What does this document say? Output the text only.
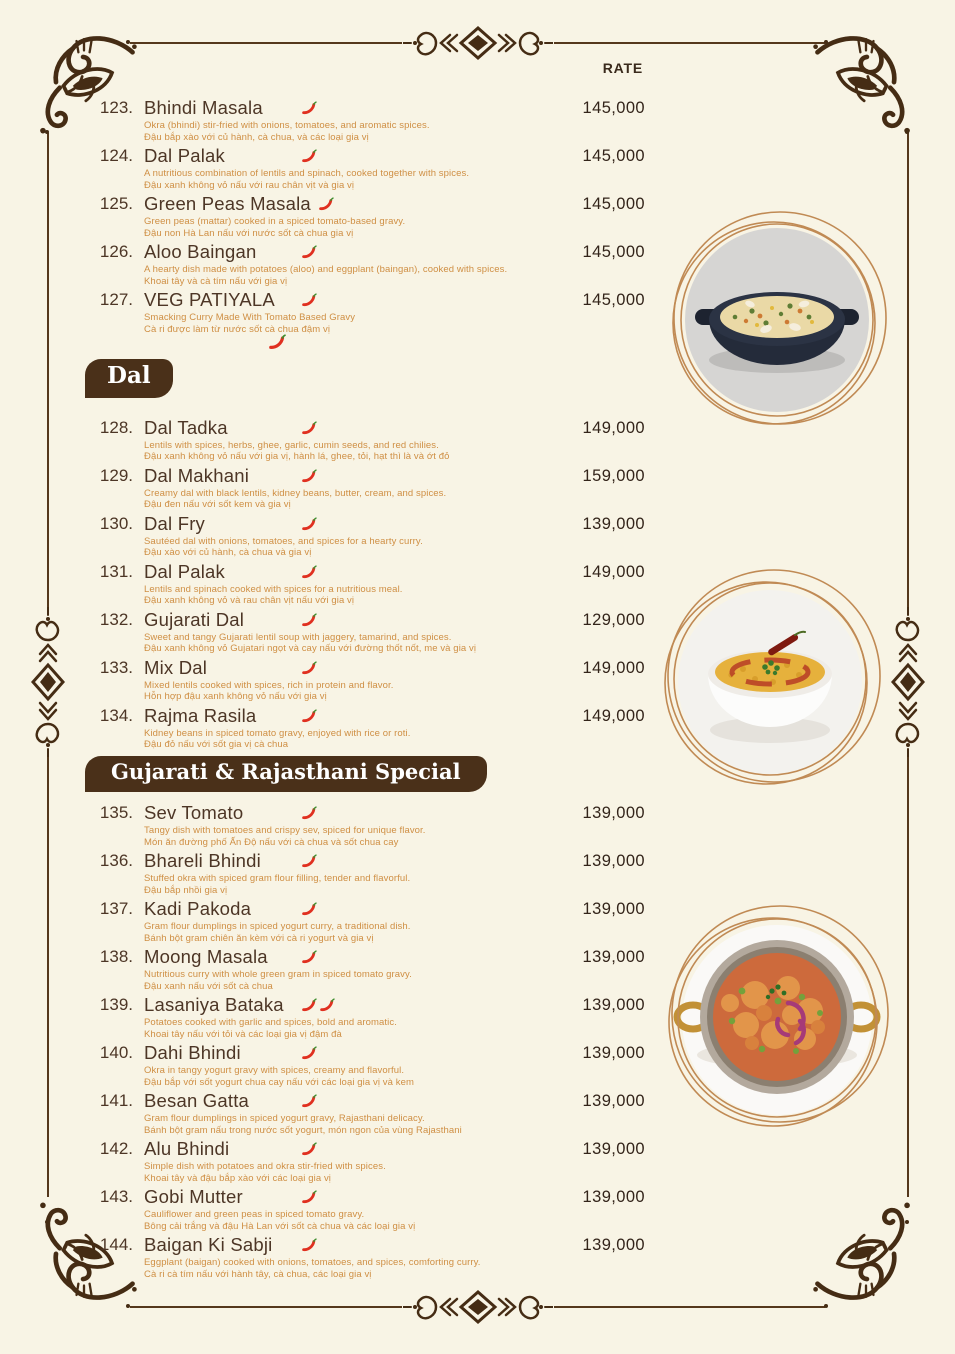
RATE
123. Bhindi Masala
Okra (bhindi) stir-fried with onions, tomatoes, and aromatic spices.
Đậu bắp xào với củ hành, cà chua, và các loại gia vị
145,000
124. Dal Palak
A nutritious combination of lentils and spinach, cooked together with spices.
Đậu xanh không vỏ nấu với rau chân vịt và gia vị
145,000
125. Green Peas Masala
Green peas (mattar) cooked in a spiced tomato-based gravy.
Đậu non Hà Lan nấu với nước sốt cà chua gia vị
145,000
126. Aloo Baingan
A hearty dish made with potatoes (aloo) and eggplant (baingan), cooked with spices.
Khoai tây và cà tím nấu với gia vị
145,000
127. VEG PATIYALA
Smacking Curry Made With Tomato Based Gravy
Cà ri được làm từ nước sốt cà chua đậm vị
145,000
Dal
128. Dal Tadka
Lentils with spices, herbs, ghee, garlic, cumin seeds, and red chilies.
Đậu xanh không vỏ nấu với gia vị, hành lá, ghee, tỏi, hạt thì là và ớt đỏ
149,000
129. Dal Makhani
Creamy dal with black lentils, kidney beans, butter, cream, and spices.
Đậu đen nấu với sốt kem và gia vị
159,000
130. Dal Fry
Sautéed dal with onions, tomatoes, and spices for a hearty curry.
Đậu xào với củ hành, cà chua và gia vị
139,000
131. Dal Palak
Lentils and spinach cooked with spices for a nutritious meal.
Đậu xanh không vỏ và rau chân vịt nấu với gia vị
149,000
132. Gujarati Dal
Sweet and tangy Gujarati lentil soup with jaggery, tamarind, and spices.
Đậu xanh không vỏ Gujatari ngọt và cay nấu với đường thốt nốt, me và gia vị
129,000
133. Mix Dal
Mixed lentils cooked with spices, rich in protein and flavor.
Hỗn hợp đậu xanh không vỏ nấu với gia vị
149,000
134. Rajma Rasila
Kidney beans in spiced tomato gravy, enjoyed with rice or roti.
Đậu đỏ nấu với sốt gia vị cà chua
149,000
Gujarati & Rajasthani Special
135. Sev Tomato
Tangy dish with tomatoes and crispy sev, spiced for unique flavor.
Món ăn đường phố Ấn Độ nấu với cà chua và sốt chua cay
139,000
136. Bhareli Bhindi
Stuffed okra with spiced gram flour filling, tender and flavorful.
Đậu bắp nhồi gia vị
139,000
137. Kadi Pakoda
Gram flour dumplings in spiced yogurt curry, a traditional dish.
Bánh bột gram chiên ăn kèm với cà ri yogurt và gia vị
139,000
138. Moong Masala
Nutritious curry with whole green gram in spiced tomato gravy.
Đậu xanh nấu với sốt cà chua
139,000
139. Lasaniya Bataka
Potatoes cooked with garlic and spices, bold and aromatic.
Khoai tây nấu với tỏi và các loại gia vị đậm đà
139,000
140. Dahi Bhindi
Okra in tangy yogurt gravy with spices, creamy and flavorful.
Đậu bắp với sốt yogurt chua cay nấu với các loại gia vị và kem
139,000
141. Besan Gatta
Gram flour dumplings in spiced yogurt gravy, Rajasthani delicacy.
Bánh bột gram nấu trong nước sốt yogurt, món ngon của vùng Rajasthani
139,000
142. Alu Bhindi
Simple dish with potatoes and okra stir-fried with spices.
Khoai tây và đậu bắp xào với các loại gia vị
139,000
143. Gobi Mutter
Cauliflower and green peas in spiced tomato gravy.
Bông cải trắng và đậu Hà Lan với sốt cà chua và các loại gia vị
139,000
144. Baigan Ki Sabji
Eggplant (baigan) cooked with onions, tomatoes, and spices, comforting curry.
Cà ri cà tím nấu với hành tây, cà chua, các loại gia vị
139,000
